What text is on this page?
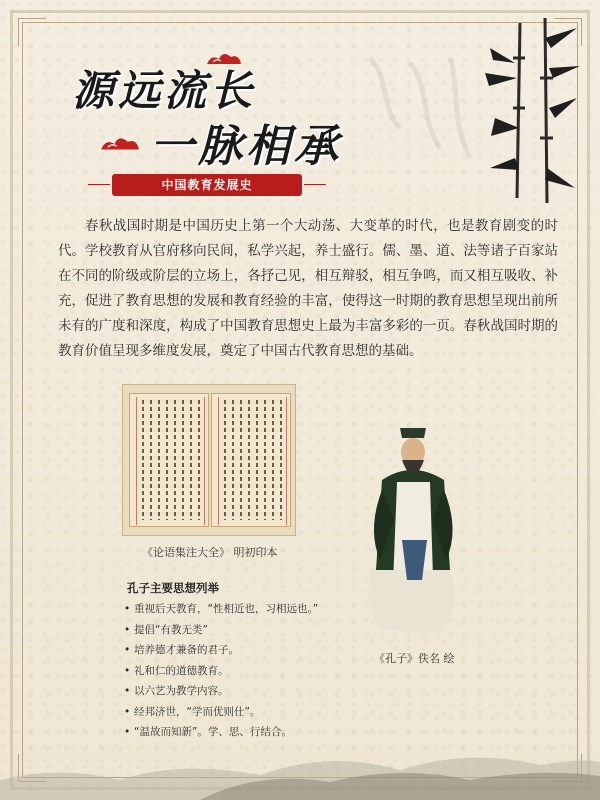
源远流长
一脉相承
中国教育发展史
春秋战国时期是中国历史上第一个大动荡、大变革的时代，也是教育剧变的时代。学校教育从官府移向民间，私学兴起，养士盛行。儒、墨、道、法等诸子百家站在不同的阶级或阶层的立场上，各抒己见，相互辩驳，相互争鸣，而又相互吸收、补充，促进了教育思想的发展和教育经验的丰富，使得这一时期的教育思想呈现出前所未有的广度和深度，构成了中国教育思想史上最为丰富多彩的一页。春秋战国时期的教育价值呈现多维度发展，奠定了中国古代教育思想的基础。
《论语集注大全》 明初印本
孔子主要思想列举
• 重视后天教育，“性相近也，习相远也。”
• 提倡“有教无类”
• 培养德才兼备的君子。
• 礼和仁的道德教育。
• 以六艺为教学内容。
• 经邦济世，“学而优则仕”。
• “温故而知新”。学、思、行结合。
《孔子》佚名 绘
